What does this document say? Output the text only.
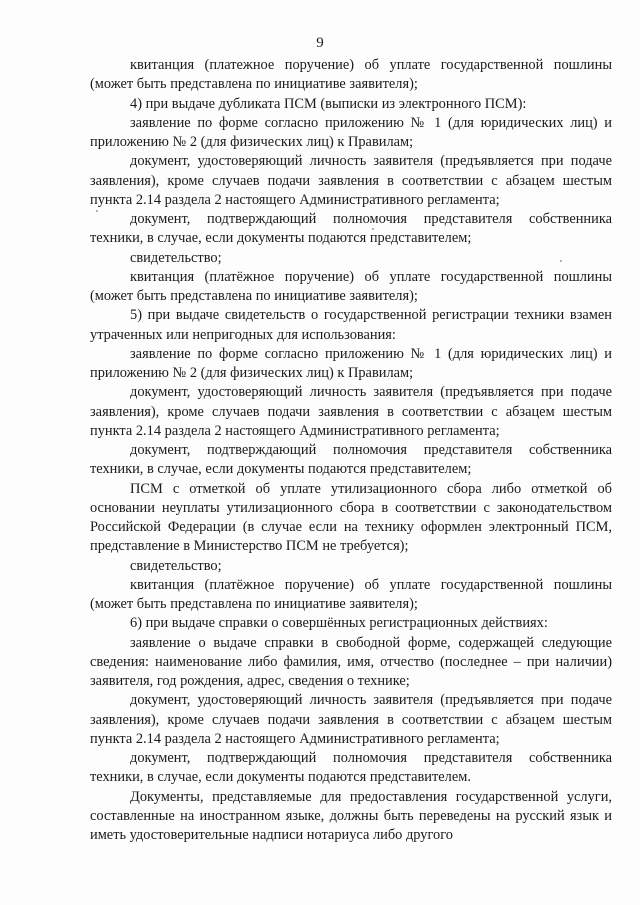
9

квитанция (платежное поручение) об уплате государственной пошлины (может быть представлена по инициативе заявителя);

4) при выдаче дубликата ПСМ (выписки из электронного ПСМ):

заявление по форме согласно приложению № 1 (для юридических лиц) и приложению № 2 (для физических лиц) к Правилам;

документ, удостоверяющий личность заявителя (предъявляется при подаче заявления), кроме случаев подачи заявления в соответствии с абзацем шестым пункта 2.14 раздела 2 настоящего Административного регламента;

документ, подтверждающий полномочия представителя собственника техники, в случае, если документы подаются представителем;

свидетельство;

квитанция (платёжное поручение) об уплате государственной пошлины (может быть представлена по инициативе заявителя);

5) при выдаче свидетельств о государственной регистрации техники взамен утраченных или непригодных для использования:

заявление по форме согласно приложению № 1 (для юридических лиц) и приложению № 2 (для физических лиц) к Правилам;

документ, удостоверяющий личность заявителя (предъявляется при подаче заявления), кроме случаев подачи заявления в соответствии с абзацем шестым пункта 2.14 раздела 2 настоящего Административного регламента;

документ, подтверждающий полномочия представителя собственника техники, в случае, если документы подаются представителем;

ПСМ с отметкой об уплате утилизационного сбора либо отметкой об основании неуплаты утилизационного сбора в соответствии с законодательством Российской Федерации (в случае если на технику оформлен электронный ПСМ, представление в Министерство ПСМ не требуется);

свидетельство;

квитанция (платёжное поручение) об уплате государственной пошлины (может быть представлена по инициативе заявителя);

6) при выдаче справки о совершённых регистрационных действиях:

заявление о выдаче справки в свободной форме, содержащей следующие сведения: наименование либо фамилия, имя, отчество (последнее – при наличии) заявителя, год рождения, адрес, сведения о технике;

документ, удостоверяющий личность заявителя (предъявляется при подаче заявления), кроме случаев подачи заявления в соответствии с абзацем шестым пункта 2.14 раздела 2 настоящего Административного регламента;

документ, подтверждающий полномочия представителя собственника техники, в случае, если документы подаются представителем.

Документы, представляемые для предоставления государственной услуги, составленные на иностранном языке, должны быть переведены на русский язык и иметь удостоверительные надписи нотариуса либо другого
